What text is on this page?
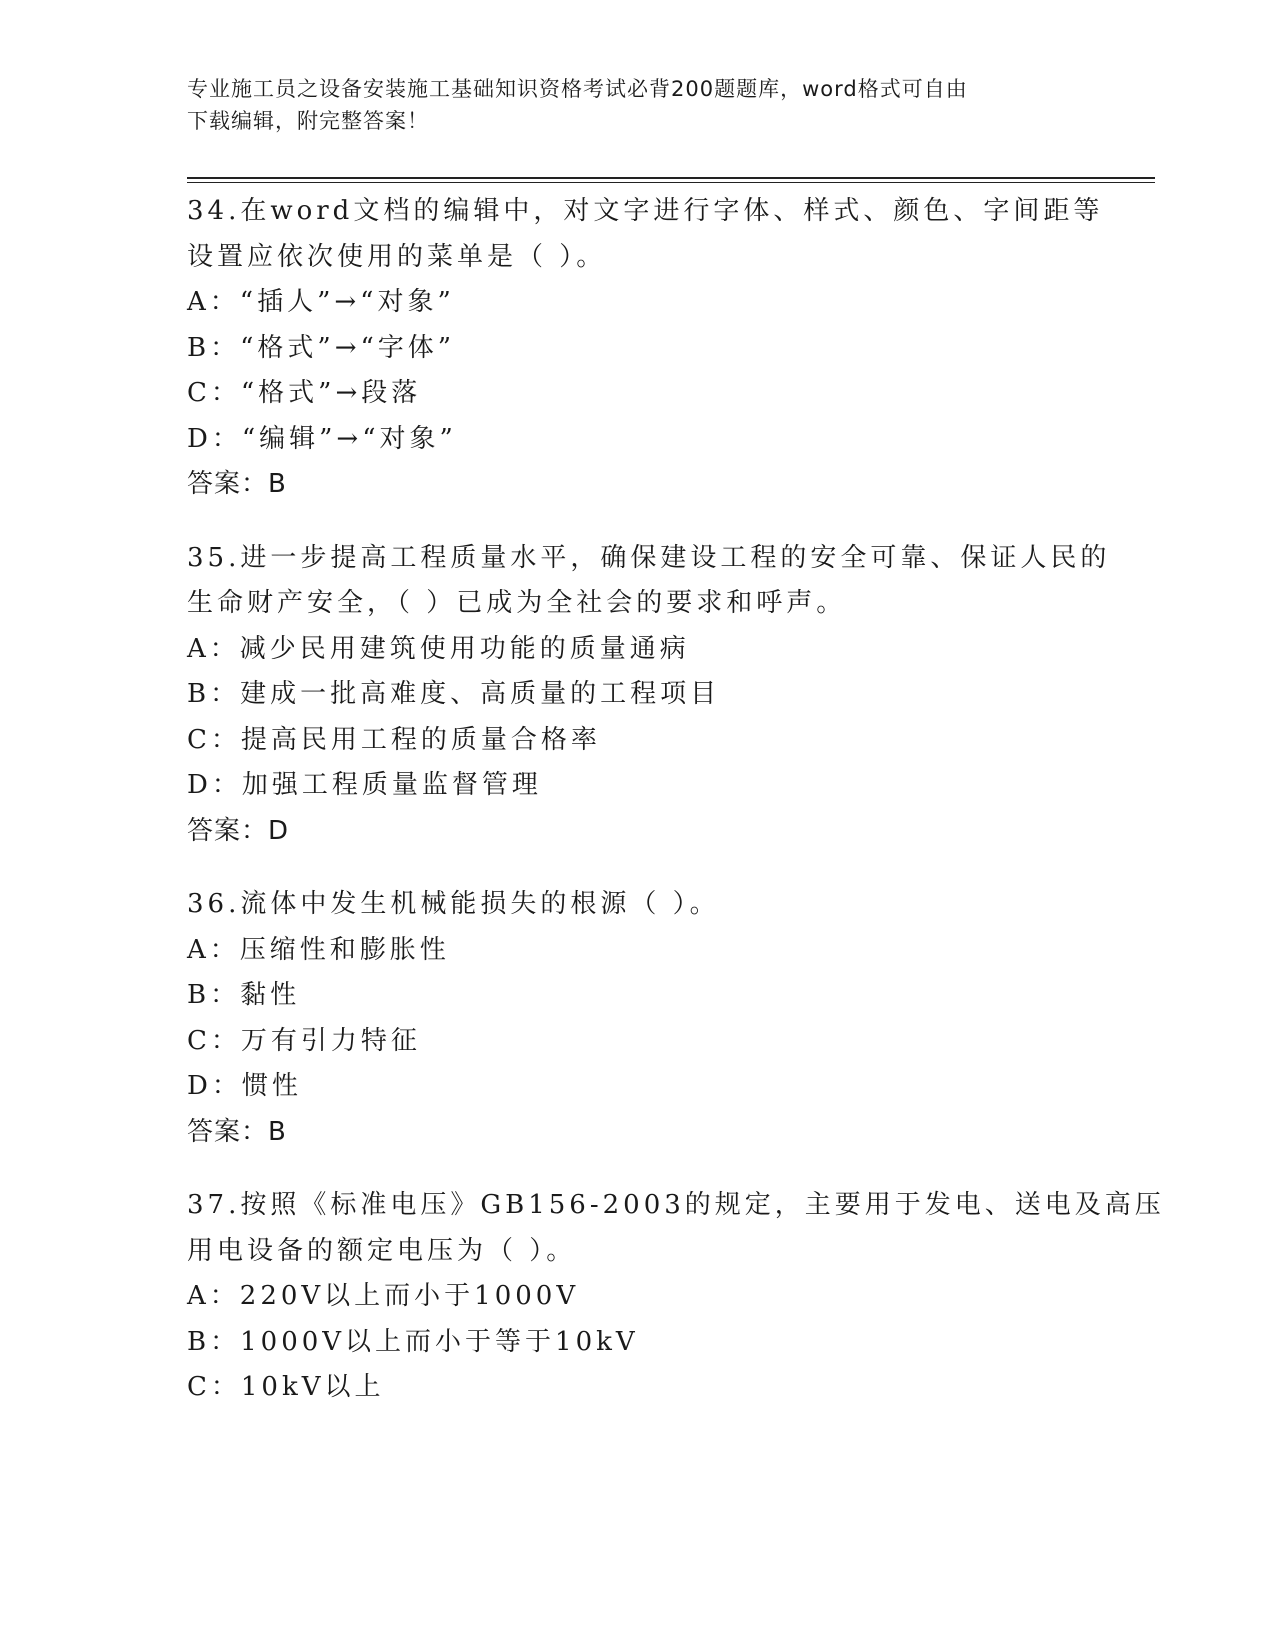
专业施工员之设备安装施工基础知识资格考试必背200题题库，word格式可自由
下载编辑，附完整答案！
34.在word文档的编辑中，对文字进行字体、样式、颜色、字间距等
设置应依次使用的菜单是（ ）。
A：“插人”→“对象”
B：“格式”→“字体”
C：“格式”→段落
D：“编辑”→“对象”
答案：B
35.进一步提高工程质量水平，确保建设工程的安全可靠、保证人民的
生命财产安全，（ ）已成为全社会的要求和呼声。
A：减少民用建筑使用功能的质量通病
B：建成一批高难度、高质量的工程项目
C：提高民用工程的质量合格率
D：加强工程质量监督管理
答案：D
36.流体中发生机械能损失的根源（ ）。
A：压缩性和膨胀性
B：黏性
C：万有引力特征
D：惯性
答案：B
37.按照《标准电压》GB156-2003的规定，主要用于发电、送电及高压
用电设备的额定电压为（ ）。
A：220V以上而小于1000V
B：1000V以上而小于等于10kV
C：10kV以上
